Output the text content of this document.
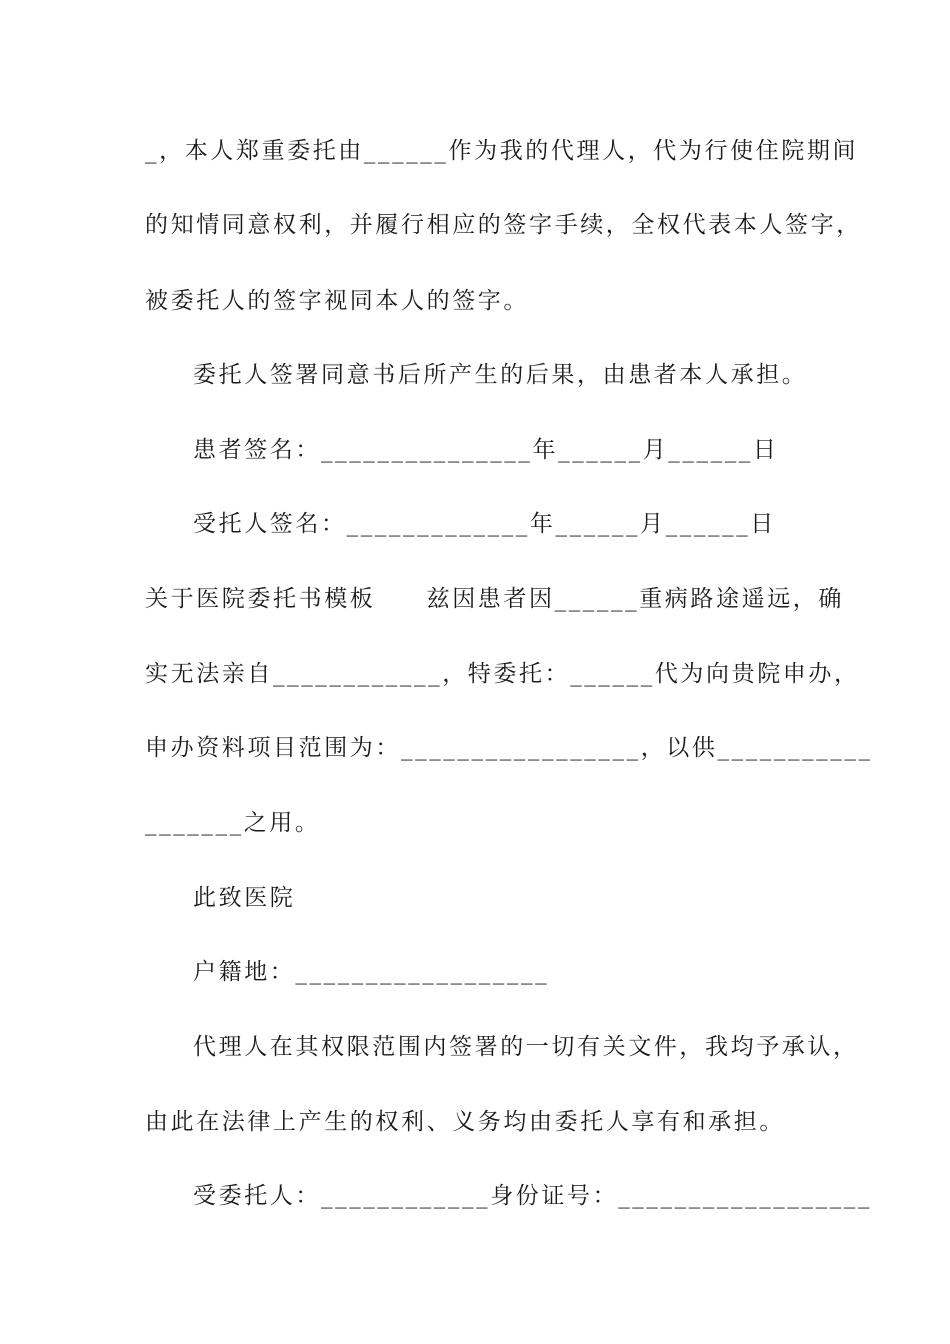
_，本人郑重委托由______作为我的代理人，代为行使住院期间
的知情同意权利，并履行相应的签字手续，全权代表本人签字，
被委托人的签字视同本人的签字。
委托人签署同意书后所产生的后果，由患者本人承担。
患者签名：_______________年______月______日
受托人签名：_____________年______月______日
关于医院委托书模板　　兹因患者因______重病路途遥远，确
实无法亲自____________，特委托：______代为向贵院申办，
申办资料项目范围为：_________________，以供___________
_______之用。
此致医院
户籍地：__________________
代理人在其权限范围内签署的一切有关文件，我均予承认，
由此在法律上产生的权利、义务均由委托人享有和承担。
受委托人：____________身份证号：__________________
